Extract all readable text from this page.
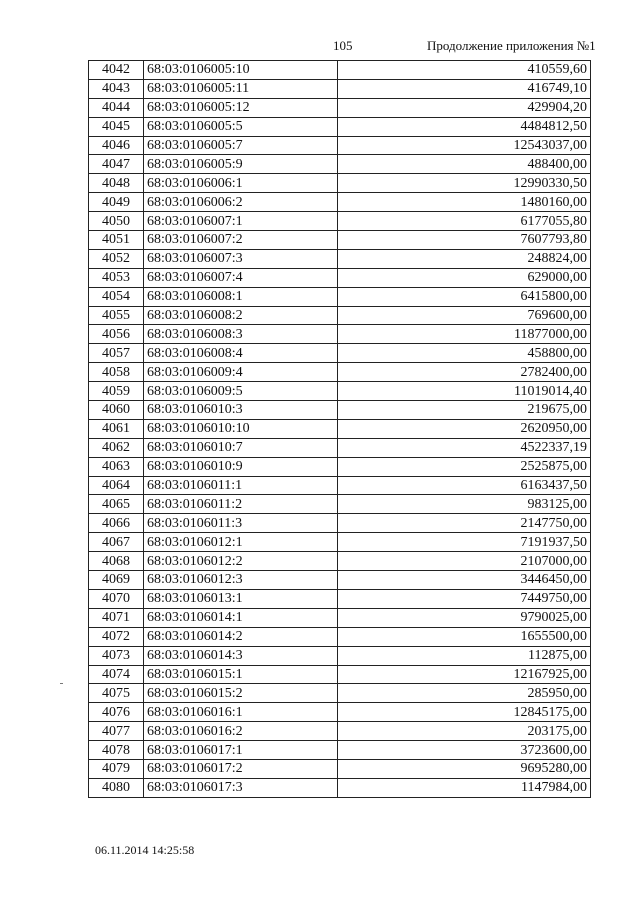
105	Продолжение приложения №1
4042	68:03:0106005:10	410559,60
4043	68:03:0106005:11	416749,10
4044	68:03:0106005:12	429904,20
4045	68:03:0106005:5	4484812,50
4046	68:03:0106005:7	12543037,00
4047	68:03:0106005:9	488400,00
4048	68:03:0106006:1	12990330,50
4049	68:03:0106006:2	1480160,00
4050	68:03:0106007:1	6177055,80
4051	68:03:0106007:2	7607793,80
4052	68:03:0106007:3	248824,00
4053	68:03:0106007:4	629000,00
4054	68:03:0106008:1	6415800,00
4055	68:03:0106008:2	769600,00
4056	68:03:0106008:3	11877000,00
4057	68:03:0106008:4	458800,00
4058	68:03:0106009:4	2782400,00
4059	68:03:0106009:5	11019014,40
4060	68:03:0106010:3	219675,00
4061	68:03:0106010:10	2620950,00
4062	68:03:0106010:7	4522337,19
4063	68:03:0106010:9	2525875,00
4064	68:03:0106011:1	6163437,50
4065	68:03:0106011:2	983125,00
4066	68:03:0106011:3	2147750,00
4067	68:03:0106012:1	7191937,50
4068	68:03:0106012:2	2107000,00
4069	68:03:0106012:3	3446450,00
4070	68:03:0106013:1	7449750,00
4071	68:03:0106014:1	9790025,00
4072	68:03:0106014:2	1655500,00
4073	68:03:0106014:3	112875,00
4074	68:03:0106015:1	12167925,00
4075	68:03:0106015:2	285950,00
4076	68:03:0106016:1	12845175,00
4077	68:03:0106016:2	203175,00
4078	68:03:0106017:1	3723600,00
4079	68:03:0106017:2	9695280,00
4080	68:03:0106017:3	1147984,00
06.11.2014 14:25:58
